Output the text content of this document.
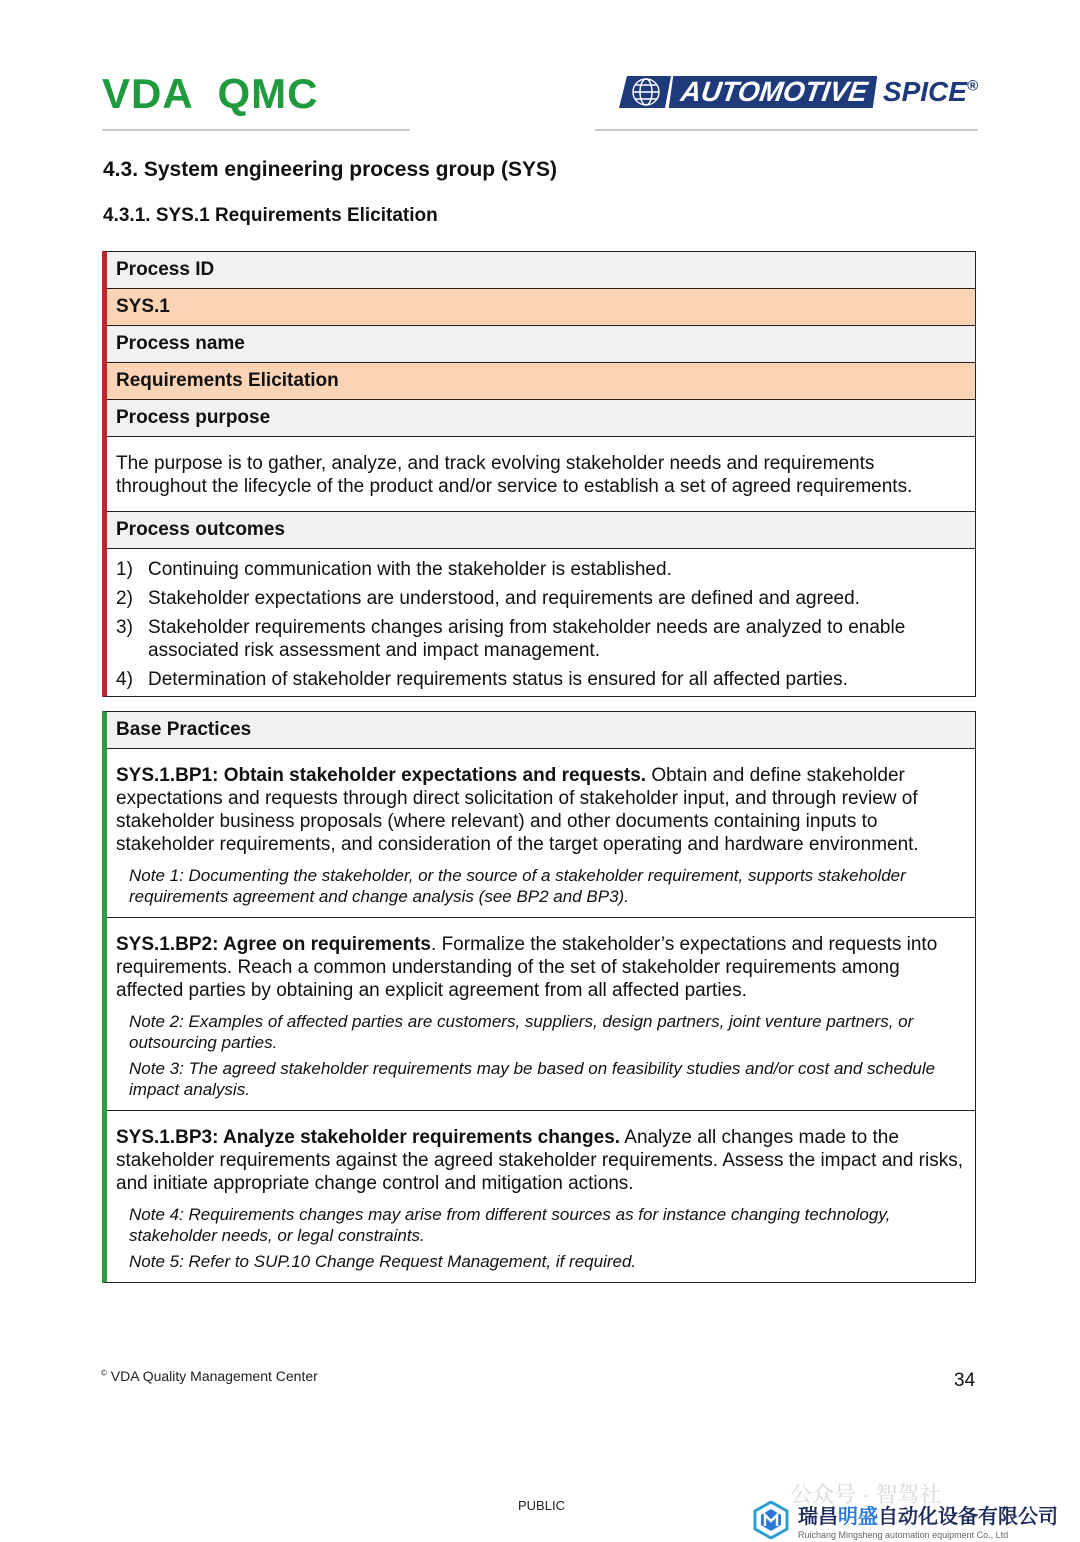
VDA  QMC	AUTOMOTIVE SPICE®
4.3. System engineering process group (SYS)
4.3.1. SYS.1 Requirements Elicitation
Process ID
SYS.1
Process name
Requirements Elicitation
Process purpose
The purpose is to gather, analyze, and track evolving stakeholder needs and requirements throughout the lifecycle of the product and/or service to establish a set of agreed requirements.
Process outcomes
1) Continuing communication with the stakeholder is established.
2) Stakeholder expectations are understood, and requirements are defined and agreed.
3) Stakeholder requirements changes arising from stakeholder needs are analyzed to enable associated risk assessment and impact management.
4) Determination of stakeholder requirements status is ensured for all affected parties.
Base Practices
SYS.1.BP1: Obtain stakeholder expectations and requests. Obtain and define stakeholder expectations and requests through direct solicitation of stakeholder input, and through review of stakeholder business proposals (where relevant) and other documents containing inputs to stakeholder requirements, and consideration of the target operating and hardware environment.
Note 1: Documenting the stakeholder, or the source of a stakeholder requirement, supports stakeholder requirements agreement and change analysis (see BP2 and BP3).
SYS.1.BP2: Agree on requirements. Formalize the stakeholder’s expectations and requests into requirements. Reach a common understanding of the set of stakeholder requirements among affected parties by obtaining an explicit agreement from all affected parties.
Note 2: Examples of affected parties are customers, suppliers, design partners, joint venture partners, or outsourcing parties.
Note 3: The agreed stakeholder requirements may be based on feasibility studies and/or cost and schedule impact analysis.
SYS.1.BP3: Analyze stakeholder requirements changes. Analyze all changes made to the stakeholder requirements against the agreed stakeholder requirements. Assess the impact and risks, and initiate appropriate change control and mitigation actions.
Note 4: Requirements changes may arise from different sources as for instance changing technology, stakeholder needs, or legal constraints.
Note 5: Refer to SUP.10 Change Request Management, if required.
© VDA Quality Management Center	34
PUBLIC	公众号 · 智驾社
瑞昌明盛自动化设备有限公司
Ruichang Mingsheng automation equipment Co., Ltd
